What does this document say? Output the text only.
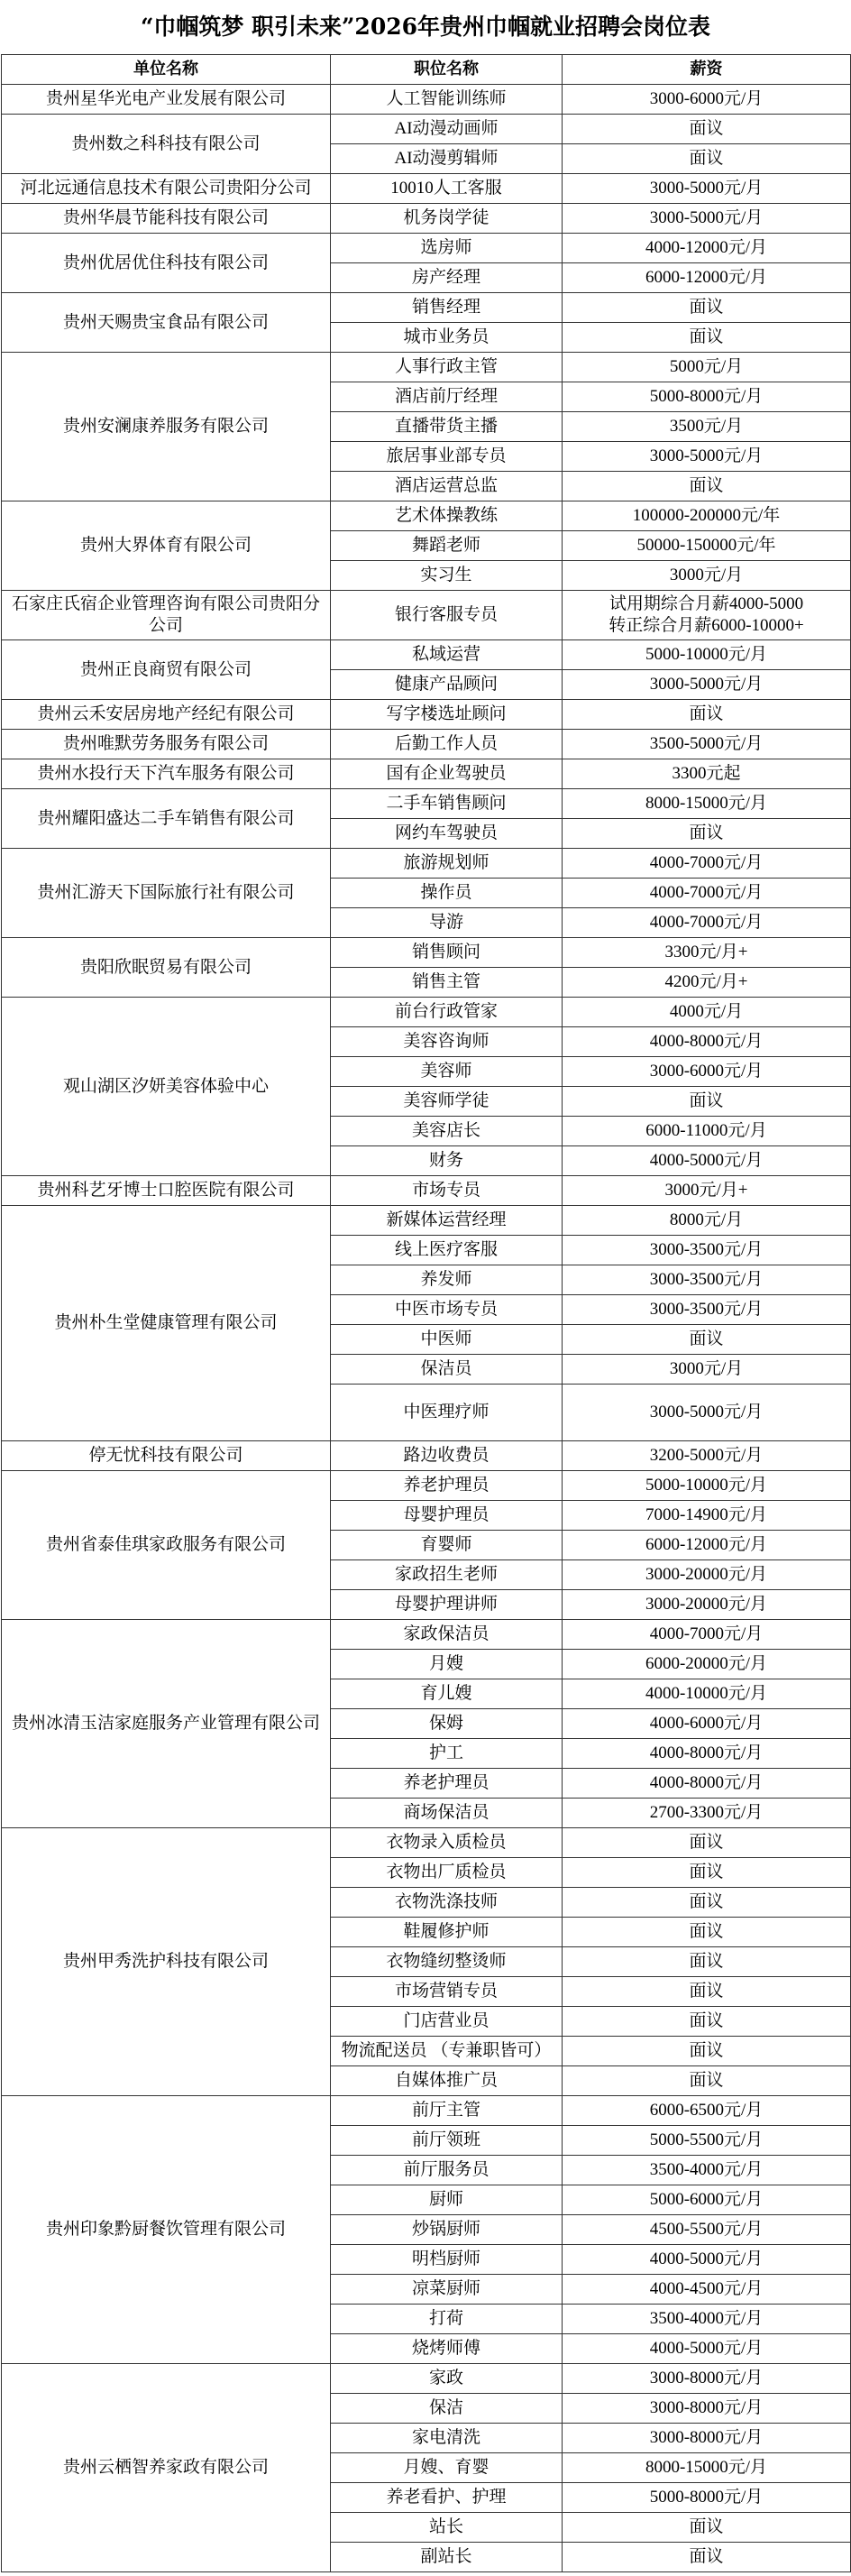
“巾帼筑梦 职引未来”2026年贵州巾帼就业招聘会岗位表
单位名称	职位名称	薪资
贵州星华光电产业发展有限公司	人工智能训练师	3000-6000元/月
贵州数之科科技有限公司	AI动漫动画师	面议
	AI动漫剪辑师	面议
河北远通信息技术有限公司贵阳分公司	10010人工客服	3000-5000元/月
贵州华晨节能科技有限公司	机务岗学徒	3000-5000元/月
贵州优居优住科技有限公司	选房师	4000-12000元/月
	房产经理	6000-12000元/月
贵州天赐贵宝食品有限公司	销售经理	面议
	城市业务员	面议
贵州安澜康养服务有限公司	人事行政主管	5000元/月
	酒店前厅经理	5000-8000元/月
	直播带货主播	3500元/月
	旅居事业部专员	3000-5000元/月
	酒店运营总监	面议
贵州大界体育有限公司	艺术体操教练	100000-200000元/年
	舞蹈老师	50000-150000元/年
	实习生	3000元/月
石家庄氏宿企业管理咨询有限公司贵阳分公司	银行客服专员	试用期综合月薪4000-5000
转正综合月薪6000-10000+
贵州正良商贸有限公司	私域运营	5000-10000元/月
	健康产品顾问	3000-5000元/月
贵州云禾安居房地产经纪有限公司	写字楼选址顾问	面议
贵州唯默劳务服务有限公司	后勤工作人员	3500-5000元/月
贵州水投行天下汽车服务有限公司	国有企业驾驶员	3300元起
贵州耀阳盛达二手车销售有限公司	二手车销售顾问	8000-15000元/月
	网约车驾驶员	面议
贵州汇游天下国际旅行社有限公司	旅游规划师	4000-7000元/月
	操作员	4000-7000元/月
	导游	4000-7000元/月
贵阳欣眠贸易有限公司	销售顾问	3300元/月+
	销售主管	4200元/月+
观山湖区汐妍美容体验中心	前台行政管家	4000元/月
	美容咨询师	4000-8000元/月
	美容师	3000-6000元/月
	美容师学徒	面议
	美容店长	6000-11000元/月
	财务	4000-5000元/月
贵州科艺牙博士口腔医院有限公司	市场专员	3000元/月+
贵州朴生堂健康管理有限公司	新媒体运营经理	8000元/月
	线上医疗客服	3000-3500元/月
	养发师	3000-3500元/月
	中医市场专员	3000-3500元/月
	中医师	面议
	保洁员	3000元/月
	中医理疗师	3000-5000元/月
停无忧科技有限公司	路边收费员	3200-5000元/月
贵州省泰佳琪家政服务有限公司	养老护理员	5000-10000元/月
	母婴护理员	7000-14900元/月
	育婴师	6000-12000元/月
	家政招生老师	3000-20000元/月
	母婴护理讲师	3000-20000元/月
贵州冰清玉洁家庭服务产业管理有限公司	家政保洁员	4000-7000元/月
	月嫂	6000-20000元/月
	育儿嫂	4000-10000元/月
	保姆	4000-6000元/月
	护工	4000-8000元/月
	养老护理员	4000-8000元/月
	商场保洁员	2700-3300元/月
贵州甲秀洗护科技有限公司	衣物录入质检员	面议
	衣物出厂质检员	面议
	衣物洗涤技师	面议
	鞋履修护师	面议
	衣物缝纫整烫师	面议
	市场营销专员	面议
	门店营业员	面议
	物流配送员 （专兼职皆可）	面议
	自媒体推广员	面议
贵州印象黔厨餐饮管理有限公司	前厅主管	6000-6500元/月
	前厅领班	5000-5500元/月
	前厅服务员	3500-4000元/月
	厨师	5000-6000元/月
	炒锅厨师	4500-5500元/月
	明档厨师	4000-5000元/月
	凉菜厨师	4000-4500元/月
	打荷	3500-4000元/月
	烧烤师傅	4000-5000元/月
贵州云栖智养家政有限公司	家政	3000-8000元/月
	保洁	3000-8000元/月
	家电清洗	3000-8000元/月
	月嫂、育婴	8000-15000元/月
	养老看护、护理	5000-8000元/月
	站长	面议
	副站长	面议
